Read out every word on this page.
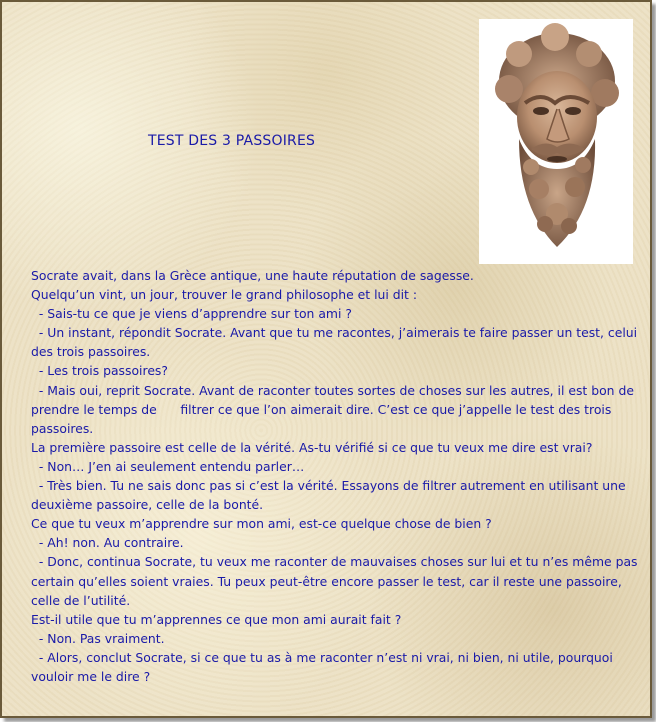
TEST DES 3 PASSOIRES

Socrate avait, dans la Grèce antique, une haute réputation de sagesse.

Quelqu’un vint, un jour, trouver le grand philosophe et lui dit :

- Sais-tu ce que je viens d’apprendre sur ton ami ?

- Un instant, répondit Socrate. Avant que tu me racontes, j’aimerais te faire passer un test, celui des trois passoires.

- Les trois passoires?

- Mais oui, reprit Socrate. Avant de raconter toutes sortes de choses sur les autres, il est bon de prendre le temps de      filtrer ce que l’on aimerait dire. C’est ce que j’appelle le test des trois passoires.

La première passoire est celle de la vérité. As-tu vérifié si ce que tu veux me dire est vrai?

- Non… J’en ai seulement entendu parler…

- Très bien. Tu ne sais donc pas si c’est la vérité. Essayons de filtrer autrement en utilisant une deuxième passoire, celle de la bonté.

Ce que tu veux m’apprendre sur mon ami, est-ce quelque chose de bien ?

- Ah! non. Au contraire.

- Donc, continua Socrate, tu veux me raconter de mauvaises choses sur lui et tu n’es même pas certain qu’elles soient vraies. Tu peux peut-être encore passer le test, car il reste une passoire, celle de l’utilité.

Est-il utile que tu m’apprennes ce que mon ami aurait fait ?

- Non. Pas vraiment.

- Alors, conclut Socrate, si ce que tu as à me raconter n’est ni vrai, ni bien, ni utile, pourquoi vouloir me le dire ?
